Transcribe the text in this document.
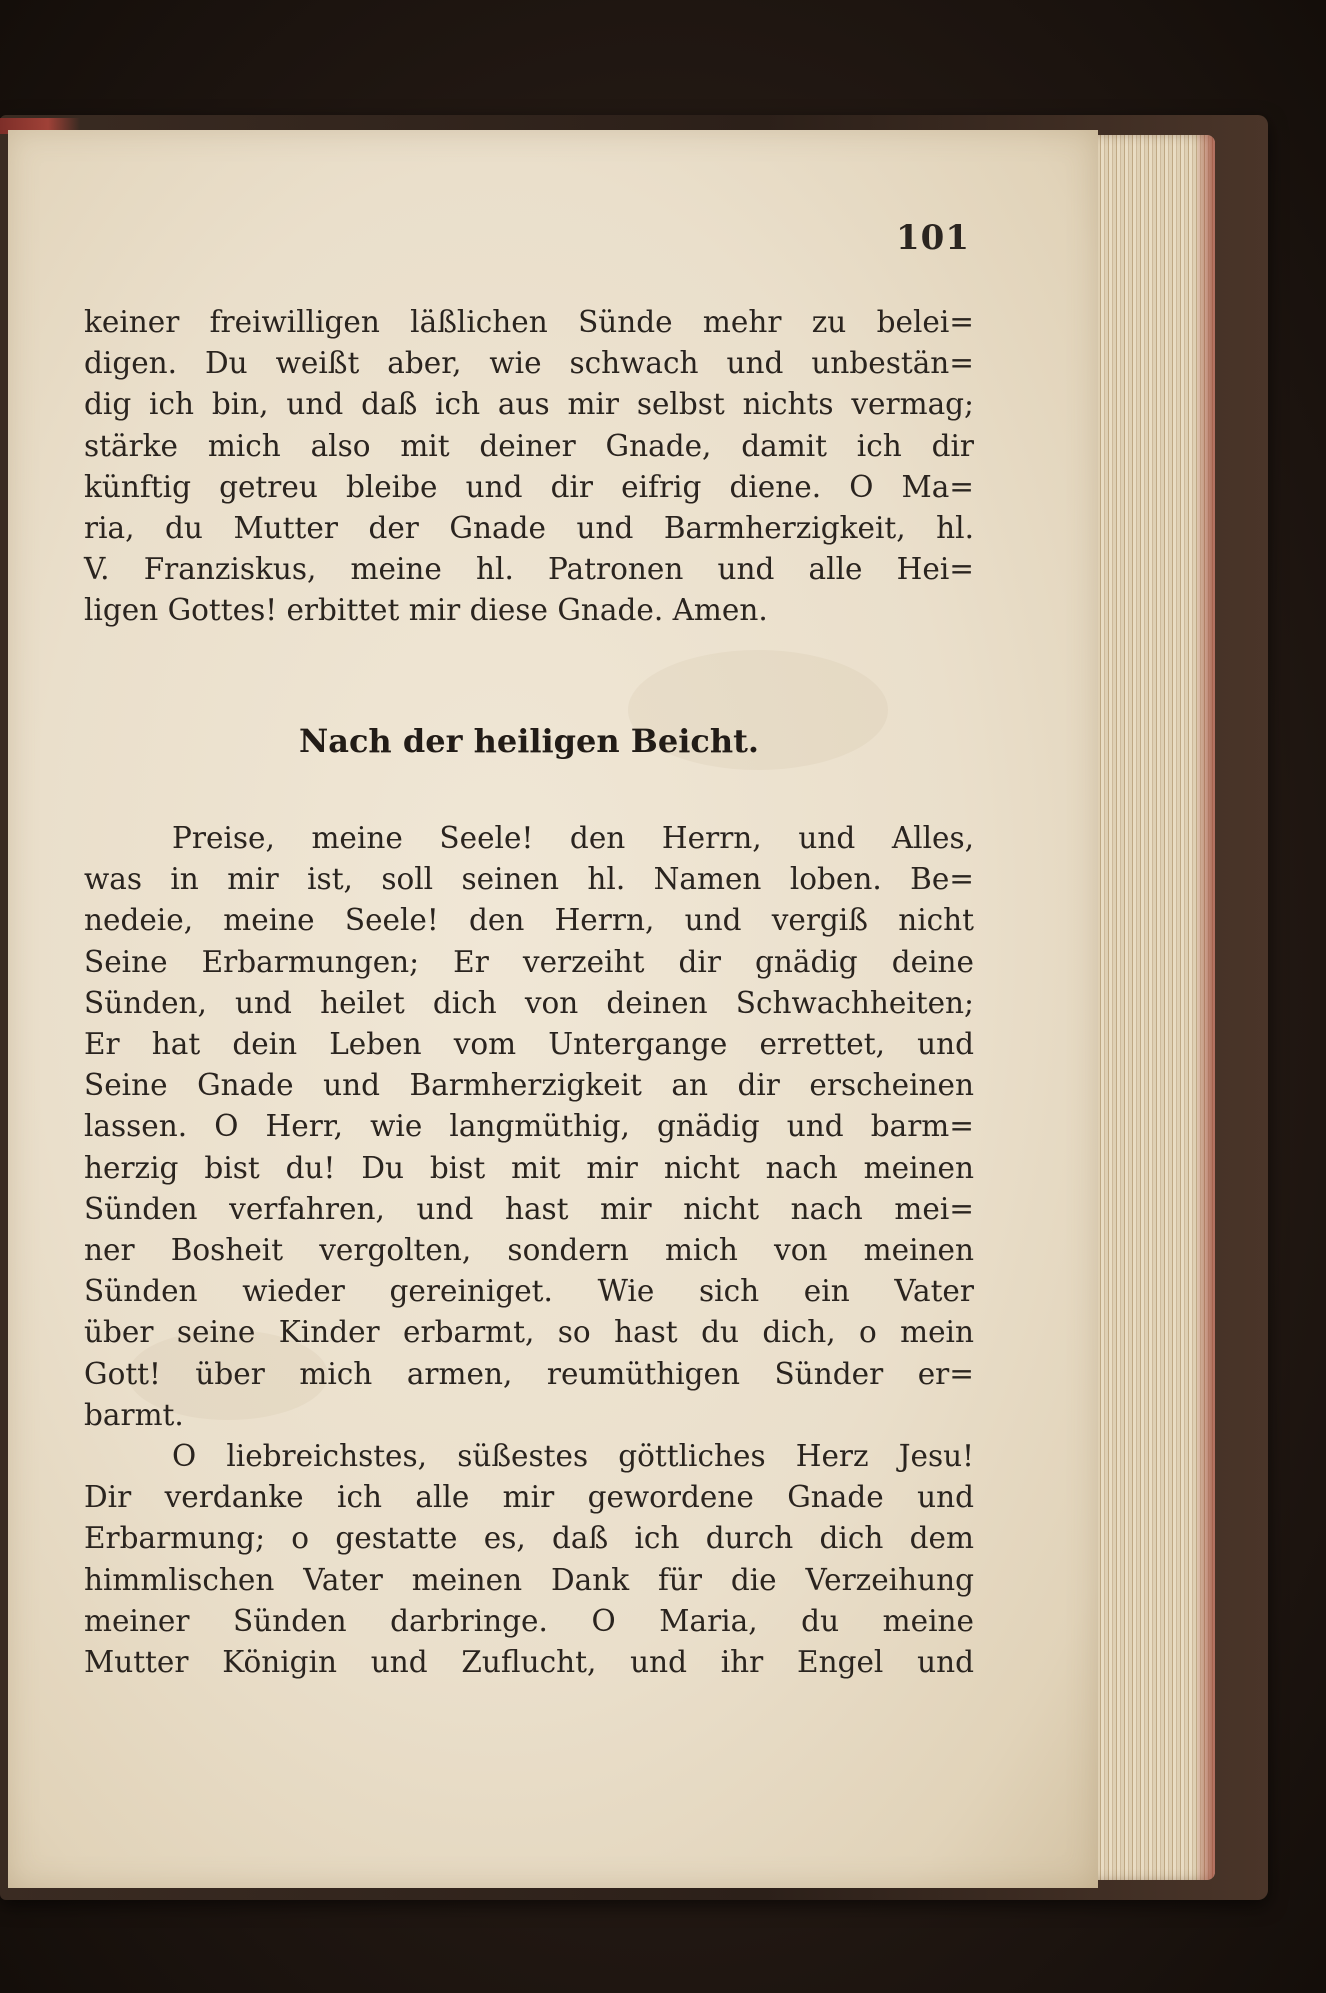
101
keiner freiwilligen läßlichen Sünde mehr zu belei=
digen. Du weißt aber, wie schwach und unbestän=
dig ich bin, und daß ich aus mir selbst nichts vermag;
stärke mich also mit deiner Gnade, damit ich dir
künftig getreu bleibe und dir eifrig diene. O Ma=
ria, du Mutter der Gnade und Barmherzigkeit, hl.
V. Franziskus, meine hl. Patronen und alle Hei=
ligen Gottes! erbittet mir diese Gnade. Amen.
Nach der heiligen Beicht.
Preise, meine Seele! den Herrn, und Alles,
was in mir ist, soll seinen hl. Namen loben. Be=
nedeie, meine Seele! den Herrn, und vergiß nicht
Seine Erbarmungen; Er verzeiht dir gnädig deine
Sünden, und heilet dich von deinen Schwachheiten;
Er hat dein Leben vom Untergange errettet, und
Seine Gnade und Barmherzigkeit an dir erscheinen
lassen. O Herr, wie langmüthig, gnädig und barm=
herzig bist du! Du bist mit mir nicht nach meinen
Sünden verfahren, und hast mir nicht nach mei=
ner Bosheit vergolten, sondern mich von meinen
Sünden wieder gereiniget. Wie sich ein Vater
über seine Kinder erbarmt, so hast du dich, o mein
Gott! über mich armen, reumüthigen Sünder er=
barmt.
O liebreichstes, süßestes göttliches Herz Jesu!
Dir verdanke ich alle mir gewordene Gnade und
Erbarmung; o gestatte es, daß ich durch dich dem
himmlischen Vater meinen Dank für die Verzeihung
meiner Sünden darbringe. O Maria, du meine
Mutter Königin und Zuflucht, und ihr Engel und
